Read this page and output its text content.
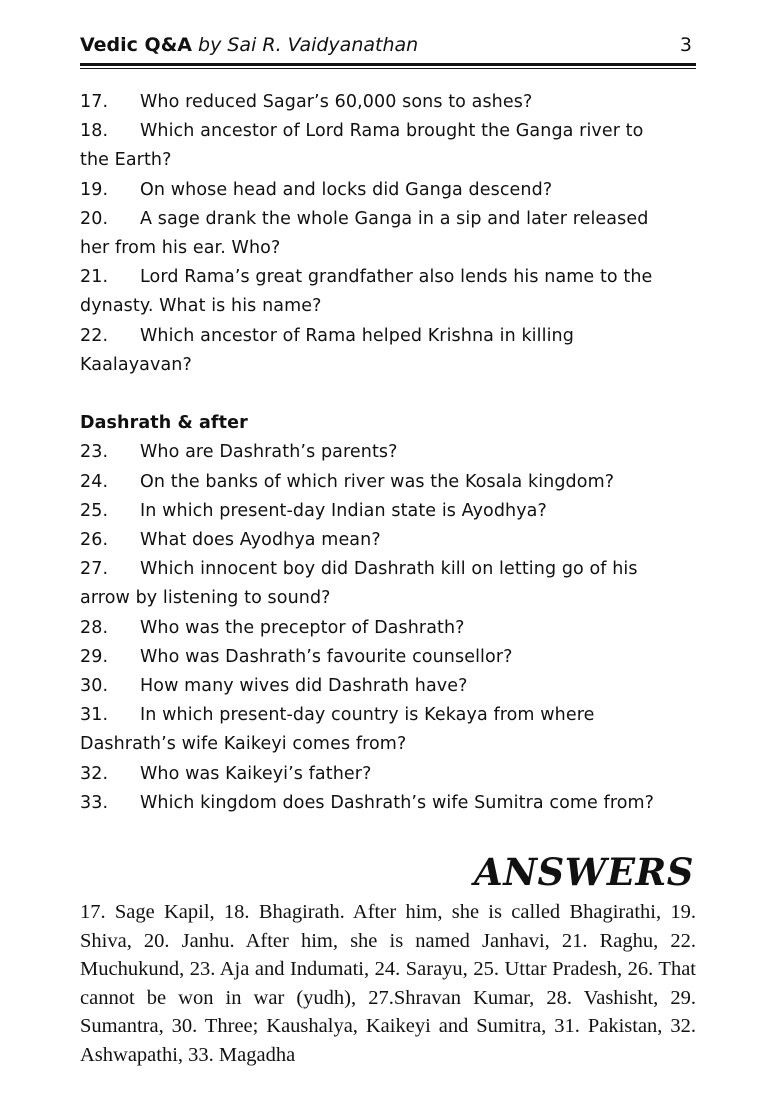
Vedic Q&A by Sai R. Vaidyanathan	3

17. Who reduced Sagar’s 60,000 sons to ashes?

18. Which ancestor of Lord Rama brought the Ganga river to
the Earth?

19. On whose head and locks did Ganga descend?

20. A sage drank the whole Ganga in a sip and later released
her from his ear. Who?

21. Lord Rama’s great grandfather also lends his name to the
dynasty. What is his name?

22. Which ancestor of Rama helped Krishna in killing
Kaalayavan?

Dashrath & after

23. Who are Dashrath’s parents?

24. On the banks of which river was the Kosala kingdom?

25. In which present-day Indian state is Ayodhya?

26. What does Ayodhya mean?

27. Which innocent boy did Dashrath kill on letting go of his
arrow by listening to sound?

28. Who was the preceptor of Dashrath?

29. Who was Dashrath’s favourite counsellor?

30. How many wives did Dashrath have?

31. In which present-day country is Kekaya from where
Dashrath’s wife Kaikeyi comes from?

32. Who was Kaikeyi’s father?

33. Which kingdom does Dashrath’s wife Sumitra come from?

ANSWERS
17. Sage Kapil, 18. Bhagirath. After him, she is called Bhagirathi, 19. Shiva, 20. Janhu. After him, she is named Janhavi, 21. Raghu, 22. Muchukund, 23. Aja and Indumati, 24. Sarayu, 25. Uttar Pradesh, 26. That cannot be won in war (yudh), 27.Shravan Kumar, 28. Vashisht, 29. Sumantra, 30. Three; Kaushalya, Kaikeyi and Sumitra, 31. Pakistan, 32. Ashwapathi, 33. Magadha
